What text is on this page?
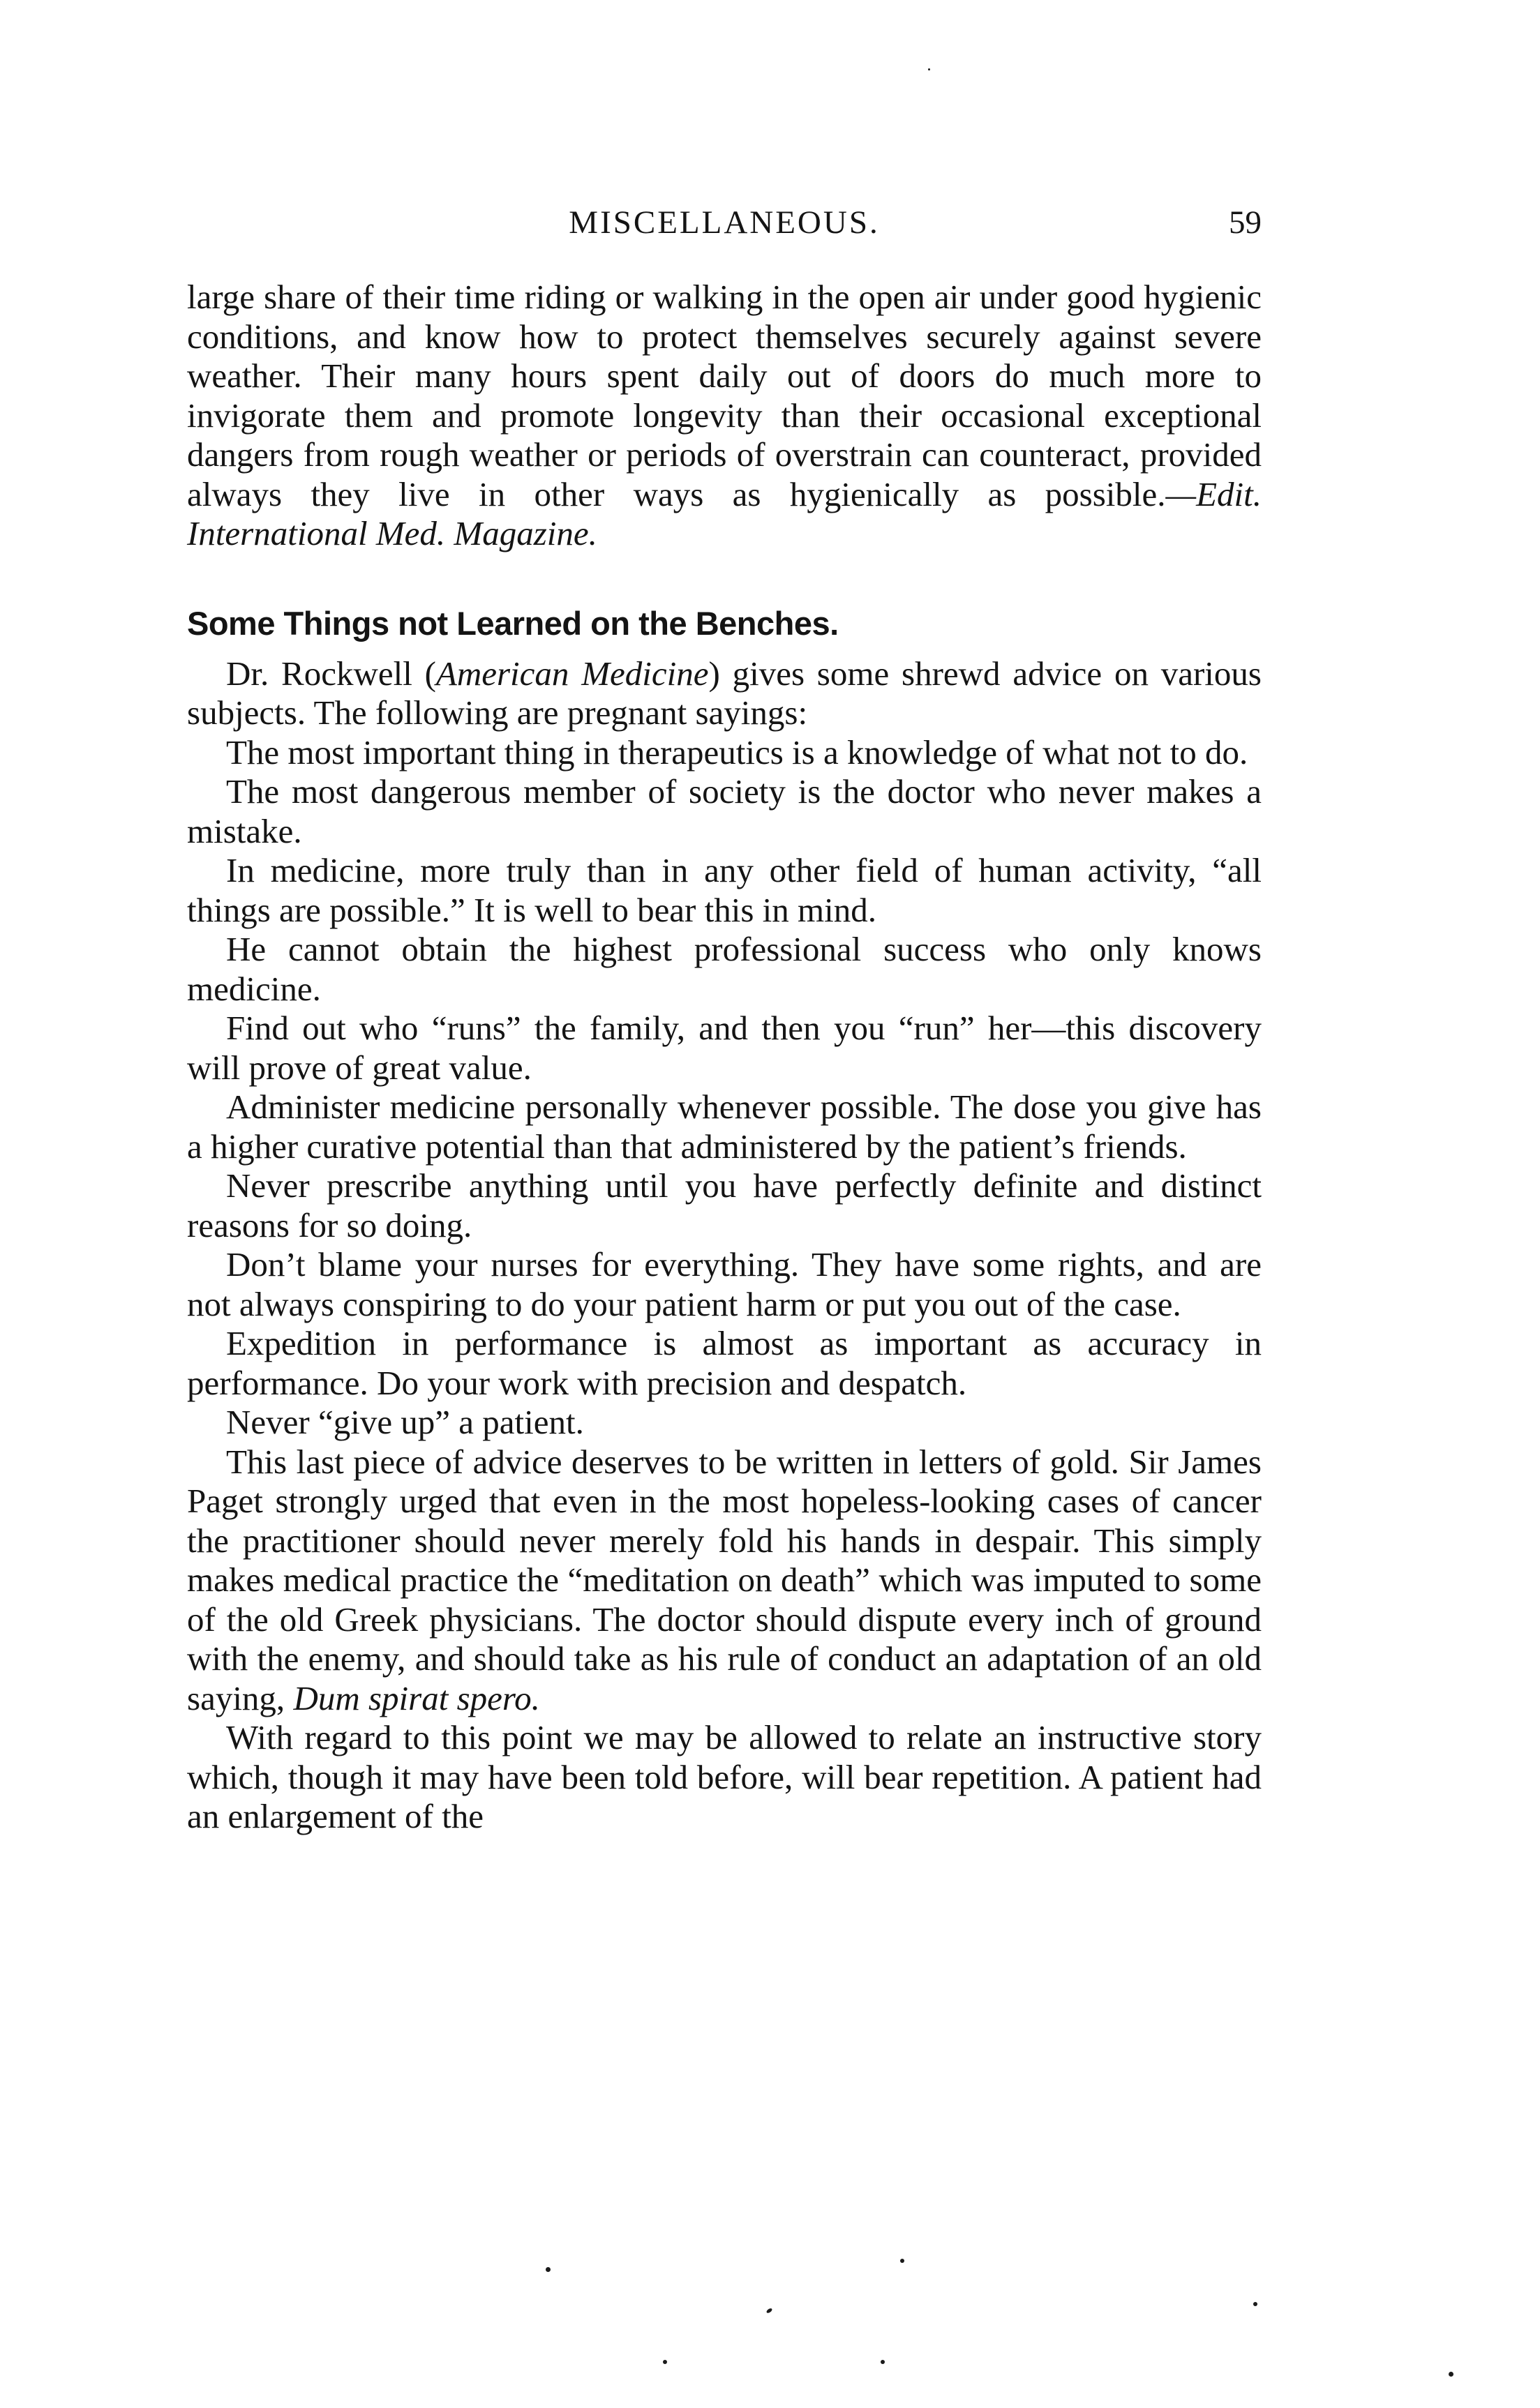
MISCELLANEOUS.	59

large share of their time riding or walking in the open air under good hygienic conditions, and know how to protect themselves securely against severe weather. Their many hours spent daily out of doors do much more to invigorate them and promote longevity than their occasional exceptional dangers from rough weather or periods of overstrain can counteract, provided always they live in other ways as hygienically as possible.—Edit. International Med. Magazine.

Some Things not Learned on the Benches.

Dr. Rockwell (American Medicine) gives some shrewd advice on various subjects. The following are pregnant sayings:

The most important thing in therapeutics is a knowledge of what not to do.

The most dangerous member of society is the doctor who never makes a mistake.

In medicine, more truly than in any other field of human activity, “all things are possible.” It is well to bear this in mind.

He cannot obtain the highest professional success who only knows medicine.

Find out who “runs” the family, and then you “run” her—this discovery will prove of great value.

Administer medicine personally whenever possible. The dose you give has a higher curative potential than that administered by the patient’s friends.

Never prescribe anything until you have perfectly definite and distinct reasons for so doing.

Don’t blame your nurses for everything. They have some rights, and are not always conspiring to do your patient harm or put you out of the case.

Expedition in performance is almost as important as accuracy in performance. Do your work with precision and despatch.

Never “give up” a patient.

This last piece of advice deserves to be written in letters of gold. Sir James Paget strongly urged that even in the most hopeless-looking cases of cancer the practitioner should never merely fold his hands in despair. This simply makes medical practice the “meditation on death” which was imputed to some of the old Greek physicians. The doctor should dispute every inch of ground with the enemy, and should take as his rule of conduct an adaptation of an old saying, Dum spirat spero.

With regard to this point we may be allowed to relate an instructive story which, though it may have been told before, will bear repetition. A patient had an enlargement of the
